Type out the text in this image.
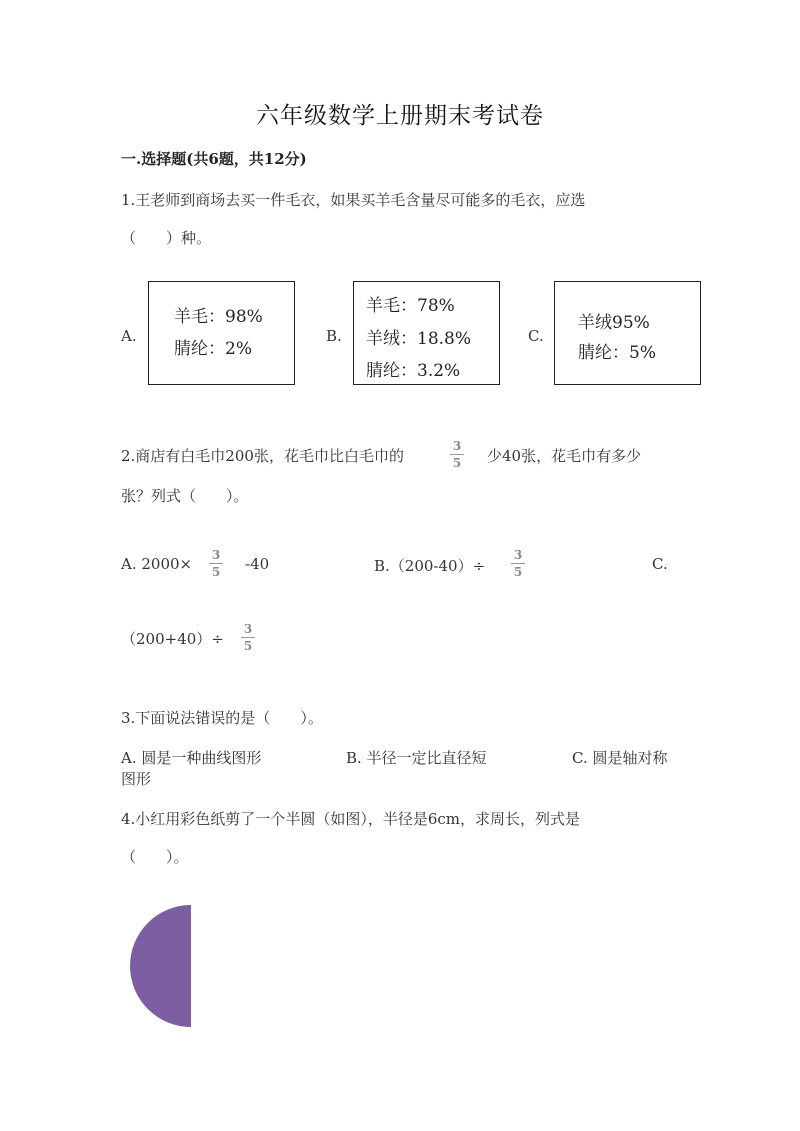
六年级数学上册期末考试卷
一.选择题(共6题，共12分)
1.王老师到商场去买一件毛衣，如果买羊毛含量尽可能多的毛衣，应选
（　　）种。
A.
羊毛：98%
腈纶：2%
B.
羊毛：78%
羊绒：18.8%
腈纶：3.2%
C.
羊绒95%
腈纶：5%
2.商店有白毛巾200张，花毛巾比白毛巾的
3
5 少40张，花毛巾有多少
张？列式（　　）。
A. 2000×	3
5 -40	B.（200-40）÷
3
5	C.
（200+40）÷
3
5
3.下面说法错误的是（　　）。
A. 圆是一种曲线图形	B. 半径一定比直径短	C. 圆是轴对称
图形
4.小红用彩色纸剪了一个半圆（如图），半径是6cm，求周长，列式是
（　　）。
